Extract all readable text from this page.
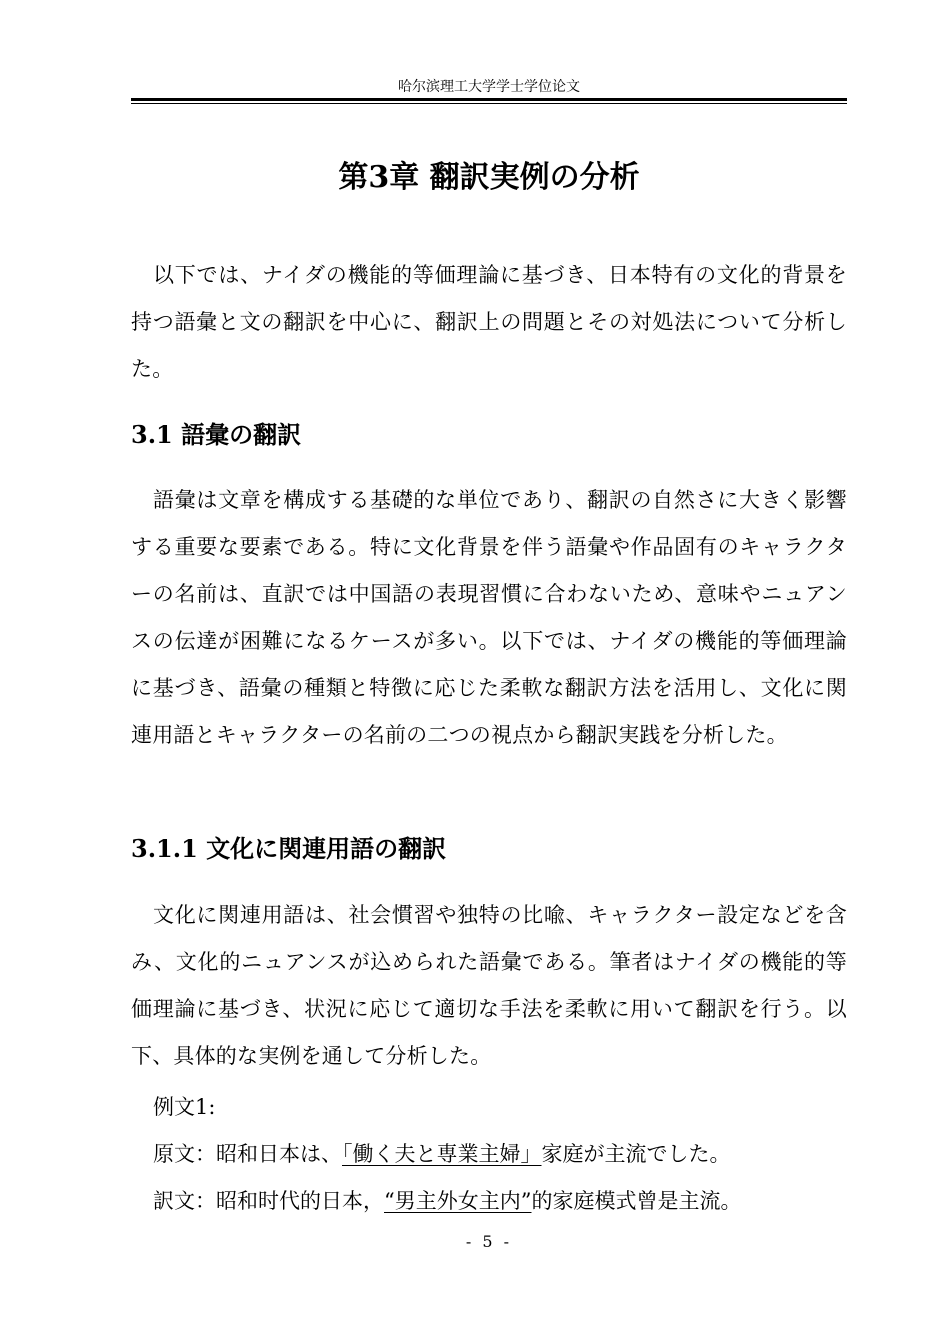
哈尔滨理工大学学士学位论文
第3章 翻訳実例の分析

以下では、ナイダの機能的等価理論に基づき、日本特有の文化的背景を持つ語彙と文の翻訳を中心に、翻訳上の問題とその対処法について分析した。

3.1 語彙の翻訳

語彙は文章を構成する基礎的な単位であり、翻訳の自然さに大きく影響する重要な要素である。特に文化背景を伴う語彙や作品固有のキャラクターの名前は、直訳では中国語の表現習慣に合わないため、意味やニュアンスの伝達が困難になるケースが多い。以下では、ナイダの機能的等価理論に基づき、語彙の種類と特徴に応じた柔軟な翻訳方法を活用し、文化に関連用語とキャラクターの名前の二つの視点から翻訳実践を分析した。

3.1.1 文化に関連用語の翻訳

文化に関連用語は、社会慣習や独特の比喩、キャラクター設定などを含み、文化的ニュアンスが込められた語彙である。筆者はナイダの機能的等価理論に基づき、状況に応じて適切な手法を柔軟に用いて翻訳を行う。以下、具体的な実例を通して分析した。

例文1:
原文：昭和日本は、「働く夫と専業主婦」家庭が主流でした。
訳文：昭和时代的日本，“男主外女主内”的家庭模式曾是主流。
- 5 -
